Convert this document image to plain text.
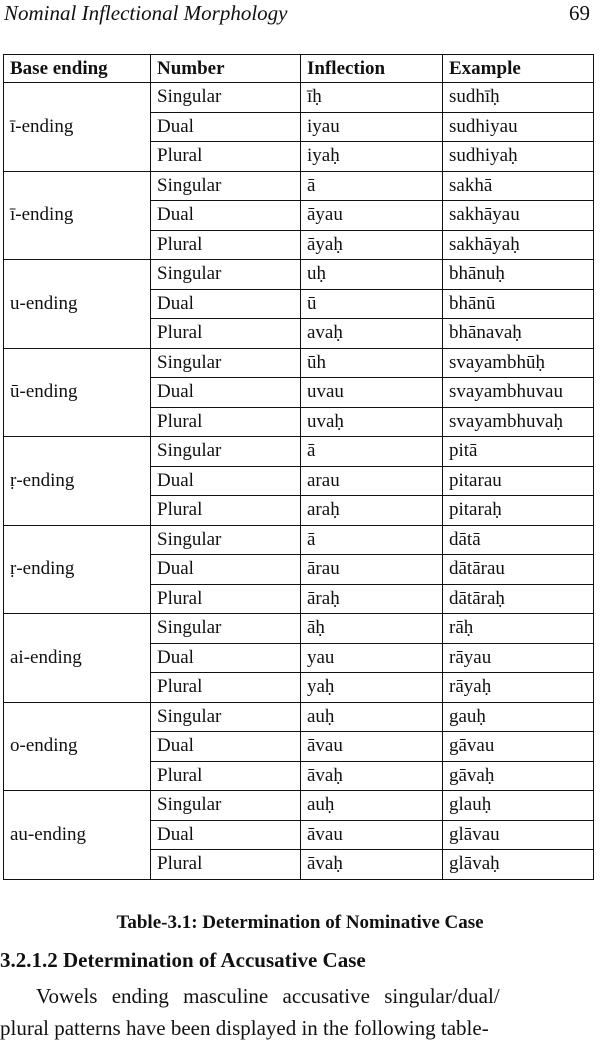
Nominal Inflectional Morphology	69
Base ending	Number	Inflection	Example
ī-ending	Singular	īḥ	sudhīḥ
	Dual	iyau	sudhiyau
	Plural	iyaḥ	sudhiyaḥ
ī-ending	Singular	ā	sakhā
	Dual	āyau	sakhāyau
	Plural	āyaḥ	sakhāyaḥ
u-ending	Singular	uḥ	bhānuḥ
	Dual	ū	bhānū
	Plural	avaḥ	bhānavaḥ
ū-ending	Singular	ūh	svayambhūḥ
	Dual	uvau	svayambhuvau
	Plural	uvaḥ	svayambhuvaḥ
ṛ-ending	Singular	ā	pitā
	Dual	arau	pitarau
	Plural	araḥ	pitaraḥ
ṛ-ending	Singular	ā	dātā
	Dual	ārau	dātārau
	Plural	āraḥ	dātāraḥ
ai-ending	Singular	āḥ	rāḥ
	Dual	yau	rāyau
	Plural	yaḥ	rāyaḥ
o-ending	Singular	auḥ	gauḥ
	Dual	āvau	gāvau
	Plural	āvaḥ	gāvaḥ
au-ending	Singular	auḥ	glauḥ
	Dual	āvau	glāvau
	Plural	āvaḥ	glāvaḥ
Table-3.1: Determination of Nominative Case
3.2.1.2 Determination of Accusative Case
Vowels ending masculine accusative singular/dual/
plural patterns have been displayed in the following table-
